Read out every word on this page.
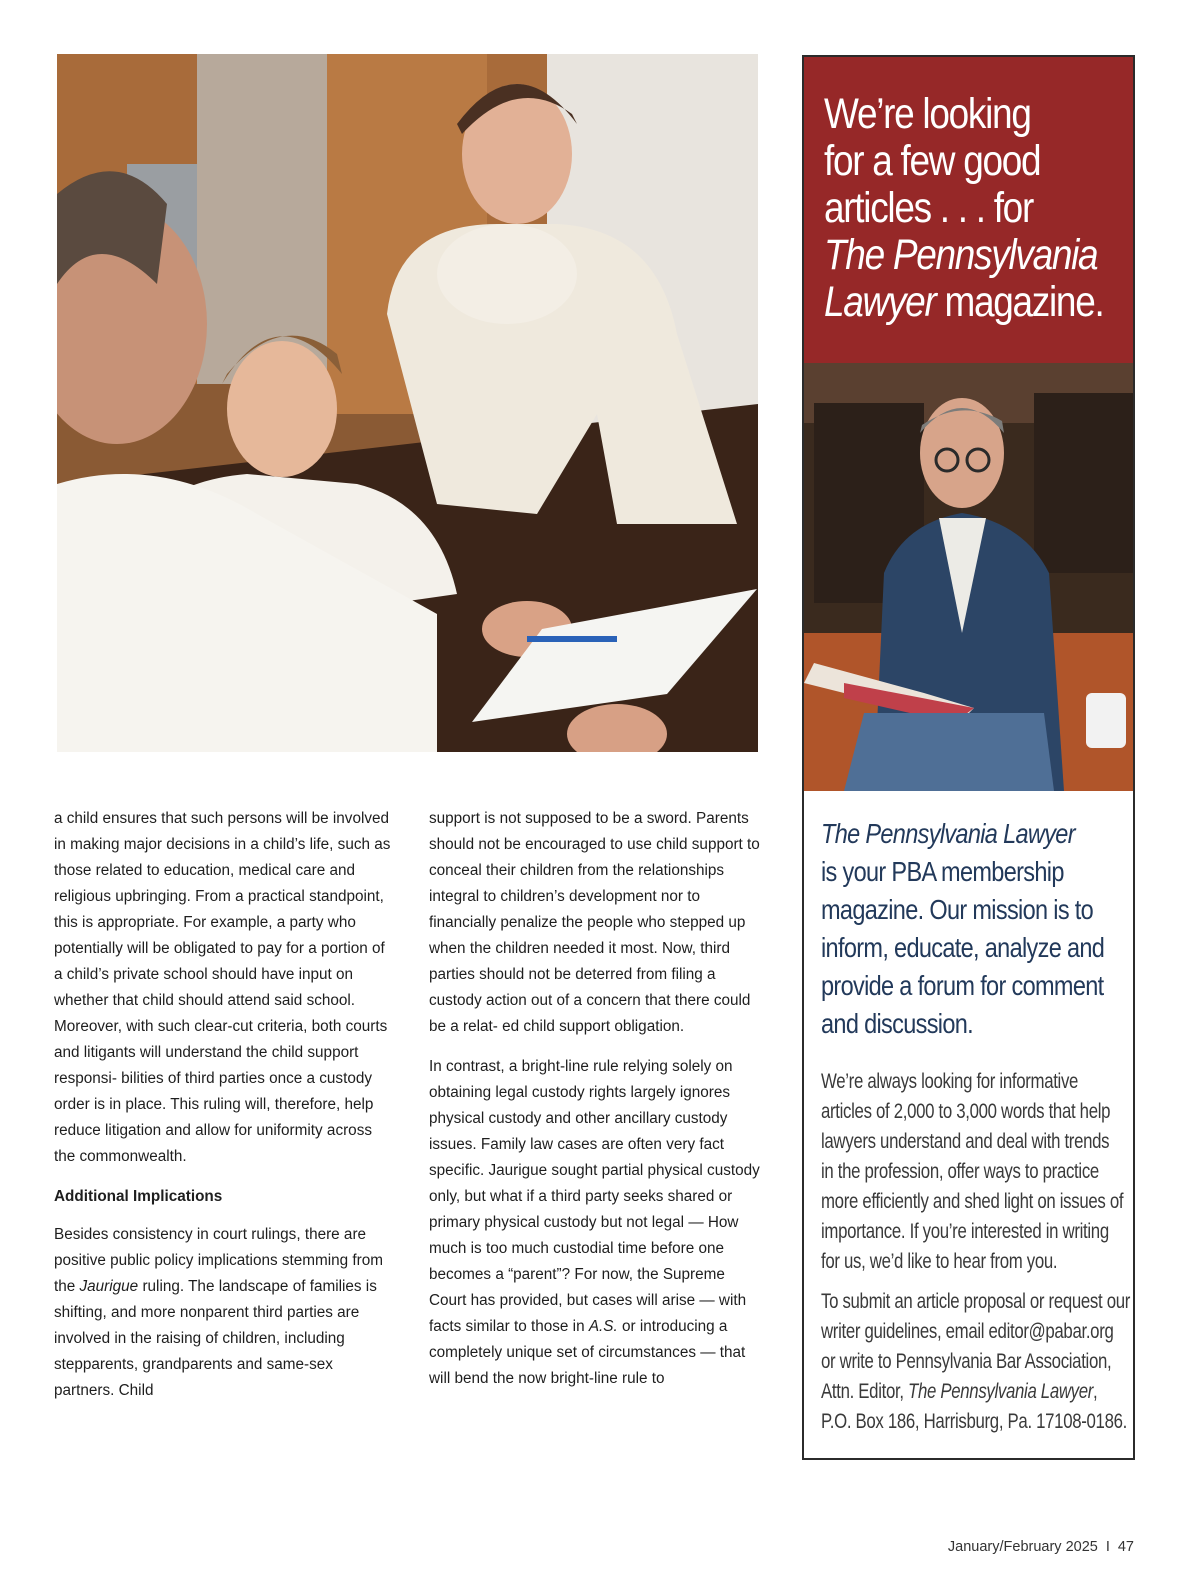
a child ensures that such persons will be involved in making major decisions in a child’s life, such as those related to education, medical care and religious upbringing. From a practical standpoint, this is appropriate. For example, a party who potentially will be obligated to pay for a portion of a child’s private school should have input on whether that child should attend said school. Moreover, with such clear-cut criteria, both courts and litigants will understand the child support responsi- bilities of third parties once a custody order is in place. This ruling will, therefore, help reduce litigation and allow for uniformity across the commonwealth.

Additional Implications

Besides consistency in court rulings, there are positive public policy implications stemming from the Jaurigue ruling. The landscape of families is shifting, and more nonparent third parties are involved in the raising of children, including stepparents, grandparents and same-sex partners. Child

support is not supposed to be a sword. Parents should not be encouraged to use child support to conceal their children from the relationships integral to children’s development nor to financially penalize the people who stepped up when the children needed it most. Now, third parties should not be deterred from filing a custody action out of a concern that there could be a relat- ed child support obligation.

In contrast, a bright-line rule relying solely on obtaining legal custody rights largely ignores physical custody and other ancillary custody issues. Family law cases are often very fact specific. Jaurigue sought partial physical custody only, but what if a third party seeks shared or primary physical custody but not legal — How much is too much custodial time before one becomes a “parent”? For now, the Supreme Court has provided, but cases will arise — with facts similar to those in A.S. or introducing a completely unique set of circumstances — that will bend the now bright-line rule to

We’re looking
for a few good
articles . . . for
The Pennsylvania
Lawyer magazine.
The Pennsylvania Lawyer
is your PBA membership
magazine. Our mission is to
inform, educate, analyze and
provide a forum for comment
and discussion.
We’re always looking for informative
articles of 2,000 to 3,000 words that help
lawyers understand and deal with trends
in the profession, offer ways to practice
more efficiently and shed light on issues of
importance. If you’re interested in writing
for us, we’d like to hear from you.
To submit an article proposal or request our
writer guidelines, email editor@pabar.org
or write to Pennsylvania Bar Association,
Attn. Editor, The Pennsylvania Lawyer,
P.O. Box 186, Harrisburg, Pa. 17108-0186.
January/February 2025 I 47
